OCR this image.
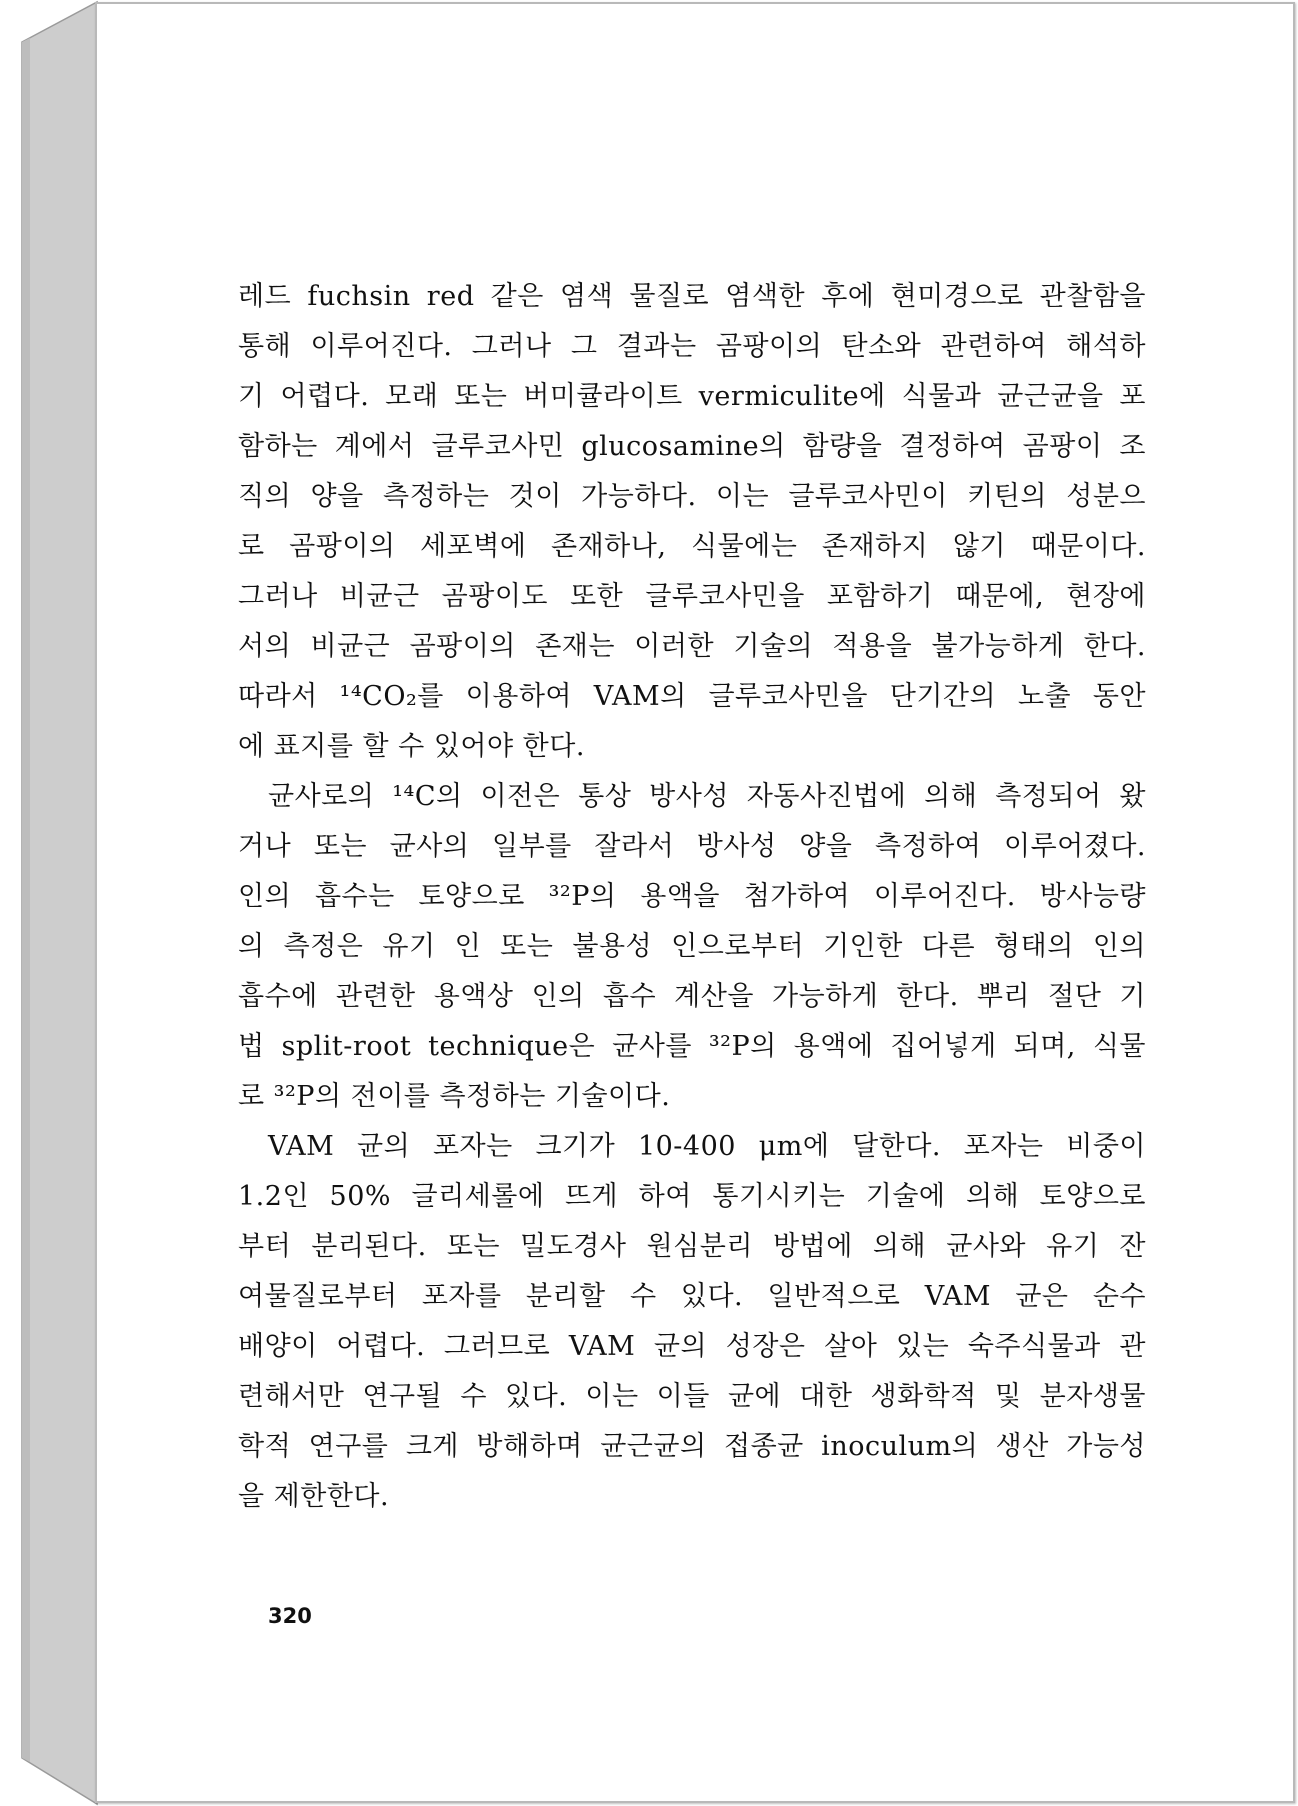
레드 fuchsin red 같은 염색 물질로 염색한 후에 현미경으로 관찰함을
통해 이루어진다. 그러나 그 결과는 곰팡이의 탄소와 관련하여 해석하
기 어렵다. 모래 또는 버미큘라이트 vermiculite에 식물과 균근균을 포
함하는 계에서 글루코사민 glucosamine의 함량을 결정하여 곰팡이 조
직의 양을 측정하는 것이 가능하다. 이는 글루코사민이 키틴의 성분으
로 곰팡이의 세포벽에 존재하나, 식물에는 존재하지 않기 때문이다.
그러나 비균근 곰팡이도 또한 글루코사민을 포함하기 때문에, 현장에
서의 비균근 곰팡이의 존재는 이러한 기술의 적용을 불가능하게 한다.
따라서 ¹⁴CO₂를 이용하여 VAM의 글루코사민을 단기간의 노출 동안
에 표지를 할 수 있어야 한다.
균사로의 ¹⁴C의 이전은 통상 방사성 자동사진법에 의해 측정되어 왔
거나 또는 균사의 일부를 잘라서 방사성 양을 측정하여 이루어졌다.
인의 흡수는 토양으로 ³²P의 용액을 첨가하여 이루어진다. 방사능량
의 측정은 유기 인 또는 불용성 인으로부터 기인한 다른 형태의 인의
흡수에 관련한 용액상 인의 흡수 계산을 가능하게 한다. 뿌리 절단 기
법 split-root technique은 균사를 ³²P의 용액에 집어넣게 되며, 식물
로 ³²P의 전이를 측정하는 기술이다.
VAM 균의 포자는 크기가 10-400 μm에 달한다. 포자는 비중이
1.2인 50% 글리세롤에 뜨게 하여 통기시키는 기술에 의해 토양으로
부터 분리된다. 또는 밀도경사 원심분리 방법에 의해 균사와 유기 잔
여물질로부터 포자를 분리할 수 있다. 일반적으로 VAM 균은 순수
배양이 어렵다. 그러므로 VAM 균의 성장은 살아 있는 숙주식물과 관
련해서만 연구될 수 있다. 이는 이들 균에 대한 생화학적 및 분자생물
학적 연구를 크게 방해하며 균근균의 접종균 inoculum의 생산 가능성
을 제한한다.
320
